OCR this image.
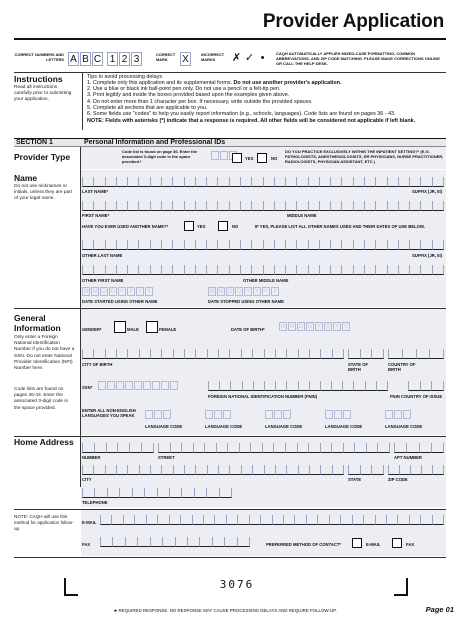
Provider Application
CORRECT NUMBERS AND LETTERS A B C 1 2 3	CORRECT MARK	X	INCORRECT MARKS	✗ ✓ •	CAQH AUTOMATICALLY APPLIES MIXED-CASE FORMATTING, COMMON ABBREVIATIONS, AND ZIP CODE MATCHING. PLEASE MAKE CORRECTIONS ONLINE OR CALL THE HELP DESK.
Instructions
Read all instructions carefully prior to submitting your application.
Tips to avoid processing delays
1. Complete only this application and its supplemental forms. Do not use another provider's application.
2. Use a blue or black ink ball-point pen only. Do not use a pencil or a felt-tip pen.
3. Print legibly and inside the boxes provided based upon the examples given above.
4. Do not enter more than 1 character per box. If necessary, write outside the provided spaces.
5. Complete all sections that are applicable to you.
6. Some fields use "codes" to help you easily report information (e.g., schools, languages). Code lists are found on pages 36 - 43.
NOTE: Fields with asterisks (*) indicate that a response is required. All other fields will be considered not applicable if left blank.
SECTION 1	Personal Information and Professional IDs
Provider Type
Code list is found on page 36. Enter the associated 3-digit code in the space provided.*
YES	NO
DO YOU PRACTICE EXCLUSIVELY WITHIN THE INPATIENT SETTING?* (E.G. PATHOLOGISTS, ANESTHESIOLOGISTS, ER PHYSICIANS, NURSE PRACTITIONER, RADIOLOGISTS, PHYSICIAN ASSISTANT, ETC.)
Name
Do not use nicknames or initials, unless they are part of your legal name.
LAST NAME*	SUFFIX (JR, III)
FIRST NAME*	MIDDLE NAME
HAVE YOU EVER USED ANOTHER NAME?*	YES	NO	IF YES, PLEASE LIST ALL OTHER NAMES USED AND THEIR DATES OF USE BELOW.
OTHER LAST NAME	SUFFIX (JR, III)
OTHER FIRST NAME	OTHER MIDDLE NAME
M M D D Y Y Y Y
DATE STARTED USING OTHER NAME
M M D D Y Y Y Y
DATE STOPPED USING OTHER NAME
General Information
Only enter a Foreign National Identification Number if you do not have a SSN. Do not enter National Provider Identification (NPI) Number here.
Code lists are found on pages 36-43. Enter the associated 3-digit code in the space provided.
GENDER*	MALE	FEMALE	DATE OF BIRTH*	M M D D Y Y Y Y
CITY OF BIRTH	STATE OF BIRTH
COUNTRY OF BIRTH
SSN*
FOREIGN NATIONAL IDENTIFICATION NUMBER (FNIN)	FNIN COUNTRY OF ISSUE
ENTER ALL NON-ENGLISH LANGUAGES YOU SPEAK
LANGUAGE CODE	LANGUAGE CODE	LANGUAGE CODE	LANGUAGE CODE	LANGUAGE CODE
Home Address
NUMBER	STREET	APT NUMBER
CITY	STATE	ZIP CODE
TELEPHONE
NOTE: CAQH will use this method for application follow-up.
E-MAIL
FAX	PREFERRED METHOD OF CONTACT*	E-MAIL	FAX
3076
★ REQUIRED RESPONSE. NO RESPONSE MAY CAUSE PROCESSING DELAYS AND REQUIRE FOLLOW-UP.	Page 01
